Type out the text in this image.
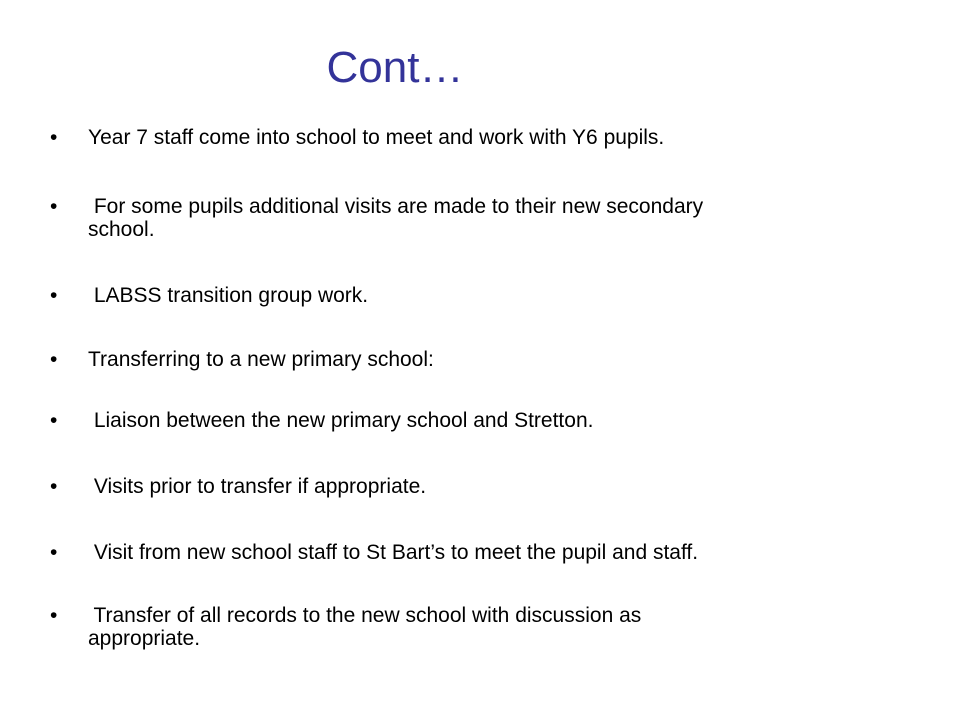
Cont…
•	Year 7 staff come into school to meet and work with Y6 pupils.
•	For some pupils additional visits are made to their new secondary
school.
•	LABSS transition group work.
•	Transferring to a new primary school:
•	Liaison between the new primary school and Stretton.
•	Visits prior to transfer if appropriate.
•	Visit from new school staff to St Bart’s to meet the pupil and staff.
•	Transfer of all records to the new school with discussion as
appropriate.
